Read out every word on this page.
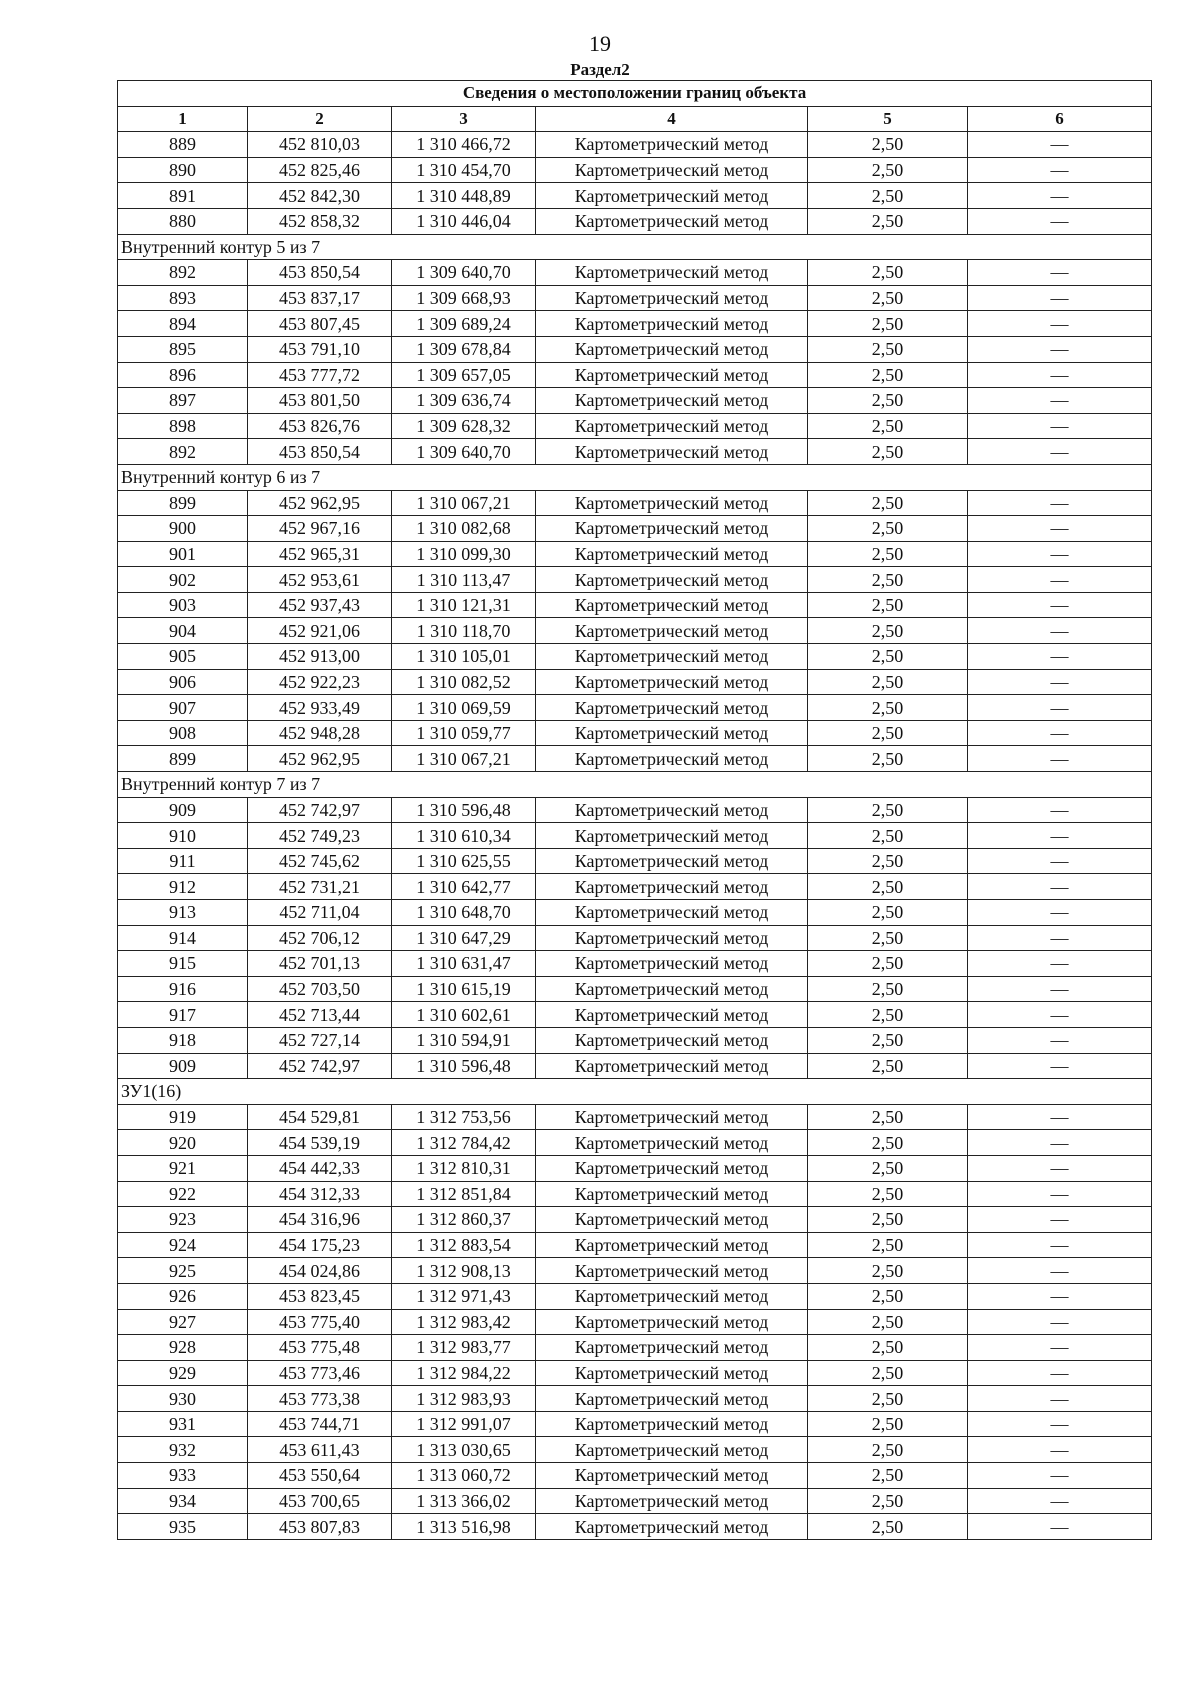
19
Раздел2
Сведения о местоположении границ объекта					
1	2	3	4	5	6
889	452 810,03	1 310 466,72	Картометрический метод	2,50	—
890	452 825,46	1 310 454,70	Картометрический метод	2,50	—
891	452 842,30	1 310 448,89	Картометрический метод	2,50	—
880	452 858,32	1 310 446,04	Картометрический метод	2,50	—
Внутренний контур 5 из 7					
892	453 850,54	1 309 640,70	Картометрический метод	2,50	—
893	453 837,17	1 309 668,93	Картометрический метод	2,50	—
894	453 807,45	1 309 689,24	Картометрический метод	2,50	—
895	453 791,10	1 309 678,84	Картометрический метод	2,50	—
896	453 777,72	1 309 657,05	Картометрический метод	2,50	—
897	453 801,50	1 309 636,74	Картометрический метод	2,50	—
898	453 826,76	1 309 628,32	Картометрический метод	2,50	—
892	453 850,54	1 309 640,70	Картометрический метод	2,50	—
Внутренний контур 6 из 7					
899	452 962,95	1 310 067,21	Картометрический метод	2,50	—
900	452 967,16	1 310 082,68	Картометрический метод	2,50	—
901	452 965,31	1 310 099,30	Картометрический метод	2,50	—
902	452 953,61	1 310 113,47	Картометрический метод	2,50	—
903	452 937,43	1 310 121,31	Картометрический метод	2,50	—
904	452 921,06	1 310 118,70	Картометрический метод	2,50	—
905	452 913,00	1 310 105,01	Картометрический метод	2,50	—
906	452 922,23	1 310 082,52	Картометрический метод	2,50	—
907	452 933,49	1 310 069,59	Картометрический метод	2,50	—
908	452 948,28	1 310 059,77	Картометрический метод	2,50	—
899	452 962,95	1 310 067,21	Картометрический метод	2,50	—
Внутренний контур 7 из 7					
909	452 742,97	1 310 596,48	Картометрический метод	2,50	—
910	452 749,23	1 310 610,34	Картометрический метод	2,50	—
911	452 745,62	1 310 625,55	Картометрический метод	2,50	—
912	452 731,21	1 310 642,77	Картометрический метод	2,50	—
913	452 711,04	1 310 648,70	Картометрический метод	2,50	—
914	452 706,12	1 310 647,29	Картометрический метод	2,50	—
915	452 701,13	1 310 631,47	Картометрический метод	2,50	—
916	452 703,50	1 310 615,19	Картометрический метод	2,50	—
917	452 713,44	1 310 602,61	Картометрический метод	2,50	—
918	452 727,14	1 310 594,91	Картометрический метод	2,50	—
909	452 742,97	1 310 596,48	Картометрический метод	2,50	—
ЗУ1(16)					
919	454 529,81	1 312 753,56	Картометрический метод	2,50	—
920	454 539,19	1 312 784,42	Картометрический метод	2,50	—
921	454 442,33	1 312 810,31	Картометрический метод	2,50	—
922	454 312,33	1 312 851,84	Картометрический метод	2,50	—
923	454 316,96	1 312 860,37	Картометрический метод	2,50	—
924	454 175,23	1 312 883,54	Картометрический метод	2,50	—
925	454 024,86	1 312 908,13	Картометрический метод	2,50	—
926	453 823,45	1 312 971,43	Картометрический метод	2,50	—
927	453 775,40	1 312 983,42	Картометрический метод	2,50	—
928	453 775,48	1 312 983,77	Картометрический метод	2,50	—
929	453 773,46	1 312 984,22	Картометрический метод	2,50	—
930	453 773,38	1 312 983,93	Картометрический метод	2,50	—
931	453 744,71	1 312 991,07	Картометрический метод	2,50	—
932	453 611,43	1 313 030,65	Картометрический метод	2,50	—
933	453 550,64	1 313 060,72	Картометрический метод	2,50	—
934	453 700,65	1 313 366,02	Картометрический метод	2,50	—
935	453 807,83	1 313 516,98	Картометрический метод	2,50	—
